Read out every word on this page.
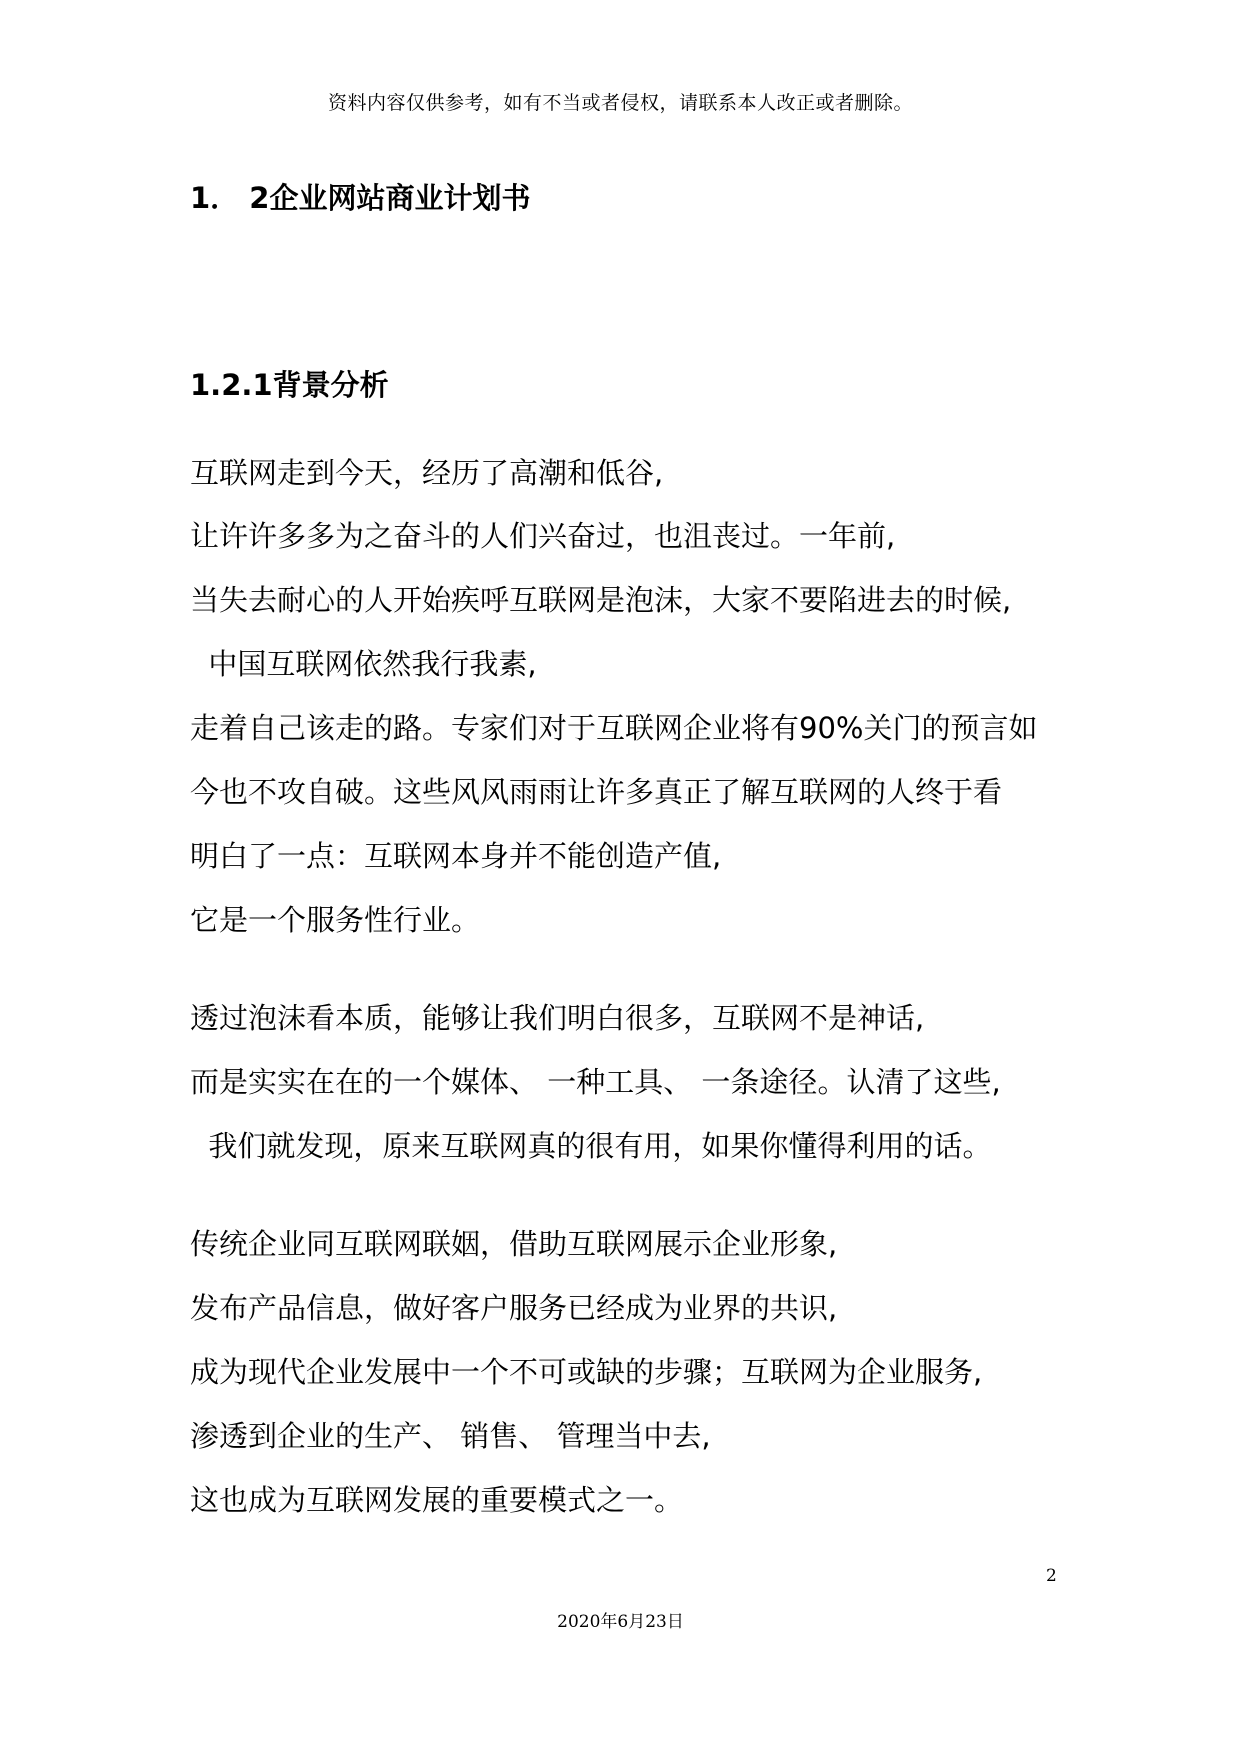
资料内容仅供参考，如有不当或者侵权，请联系本人改正或者删除。
1． 2企业网站商业计划书
1.2.1背景分析
互联网走到今天，经历了高潮和低谷,
让许许多多为之奋斗的人们兴奋过，也沮丧过。一年前,
当失去耐心的人开始疾呼互联网是泡沫，大家不要陷进去的时候,
中国互联网依然我行我素,
走着自己该走的路。专家们对于互联网企业将有90%关门的预言如
今也不攻自破。这些风风雨雨让许多真正了解互联网的人终于看
明白了一点：互联网本身并不能创造产值,
它是一个服务性行业。
透过泡沫看本质，能够让我们明白很多，互联网不是神话,
而是实实在在的一个媒体、 一种工具、 一条途径。认清了这些,
我们就发现，原来互联网真的很有用，如果你懂得利用的话。
传统企业同互联网联姻，借助互联网展示企业形象,
发布产品信息，做好客户服务已经成为业界的共识,
成为现代企业发展中一个不可或缺的步骤；互联网为企业服务,
渗透到企业的生产、 销售、 管理当中去,
这也成为互联网发展的重要模式之一。
2
2020年6月23日
